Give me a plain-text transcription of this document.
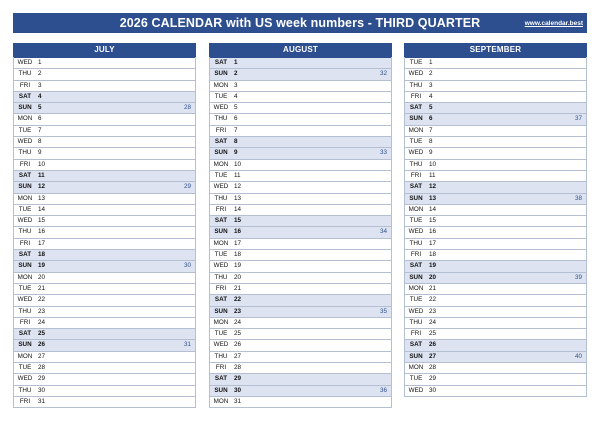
2026 CALENDAR with US week numbers - THIRD QUARTER	www.calendar.best
JULY
WED 1
THU	2
FRI	3
SAT	4
SUN	5	28
MON 6
TUE	7
WED 8
THU	9
FRI	10
SAT	11
SUN	12	29
MON 13
TUE	14
WED 15
THU	16
FRI	17
SAT	18
SUN	19	30
MON 20
TUE	21
WED 22
THU	23
FRI	24
SAT	25
SUN	26	31
MON 27
TUE	28
WED 29
THU	30
FRI	31
AUGUST
SAT	1
SUN	2	32
MON 3
TUE	4
WED 5
THU	6
FRI	7
SAT	8
SUN	9	33
MON 10
TUE	11
WED 12
THU	13
FRI	14
SAT	15
SUN	16	34
MON 17
TUE	18
WED 19
THU	20
FRI	21
SAT	22
SUN	23	35
MON 24
TUE	25
WED 26
THU	27
FRI	28
SAT	29
SUN	30	36
MON 31
SEPTEMBER
TUE	1
WED 2
THU	3
FRI	4
SAT	5
SUN	6	37
MON 7
TUE	8
WED 9
THU	10
FRI	11
SAT	12
SUN	13	38
MON 14
TUE	15
WED 16
THU	17
FRI	18
SAT	19
SUN	20	39
MON 21
TUE	22
WED 23
THU	24
FRI	25
SAT	26
SUN	27	40
MON 28
TUE	29
WED 30
